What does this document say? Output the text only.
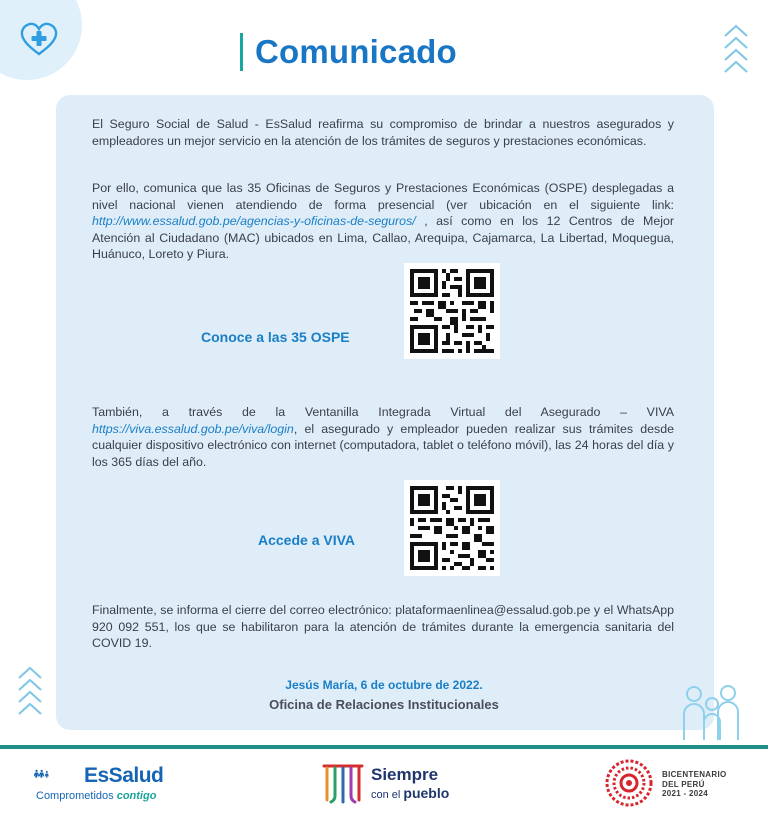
Comunicado

El Seguro Social de Salud - EsSalud reafirma su compromiso de brindar a nuestros asegurados y empleadores un mejor servicio en la atención de los trámites de seguros y prestaciones económicas.

Por ello, comunica que las 35 Oficinas de Seguros y Prestaciones Económicas (OSPE) desplegadas a nivel nacional vienen atendiendo de forma presencial (ver ubicación en el siguiente link: http://www.essalud.gob.pe/agencias-y-oficinas-de-seguros/ , así como en los 12 Centros de Mejor Atención al Ciudadano (MAC) ubicados en Lima, Callao, Arequipa, Cajamarca, La Libertad, Moquegua, Huánuco, Loreto y Piura.

Conoce a las 35 OSPE

También, a través de la Ventanilla Integrada Virtual del Asegurado – VIVA https://viva.essalud.gob.pe/viva/login, el asegurado y empleador pueden realizar sus trámites desde cualquier dispositivo electrónico con internet (computadora, tablet o teléfono móvil), las 24 horas del día y los 365 días del año.

Accede a VIVA

Finalmente, se informa el cierre del correo electrónico: plataformaenlinea@essalud.gob.pe y el WhatsApp 920 092 551, los que se habilitaron para la atención de trámites durante la emergencia sanitaria del COVID 19.

Jesús María, 6 de octubre de 2022.
Oficina de Relaciones Institucionales
EsSalud
Comprometidos contigo
Siempre
con el pueblo
BICENTENARIO
DEL PERÚ
2021 - 2024
